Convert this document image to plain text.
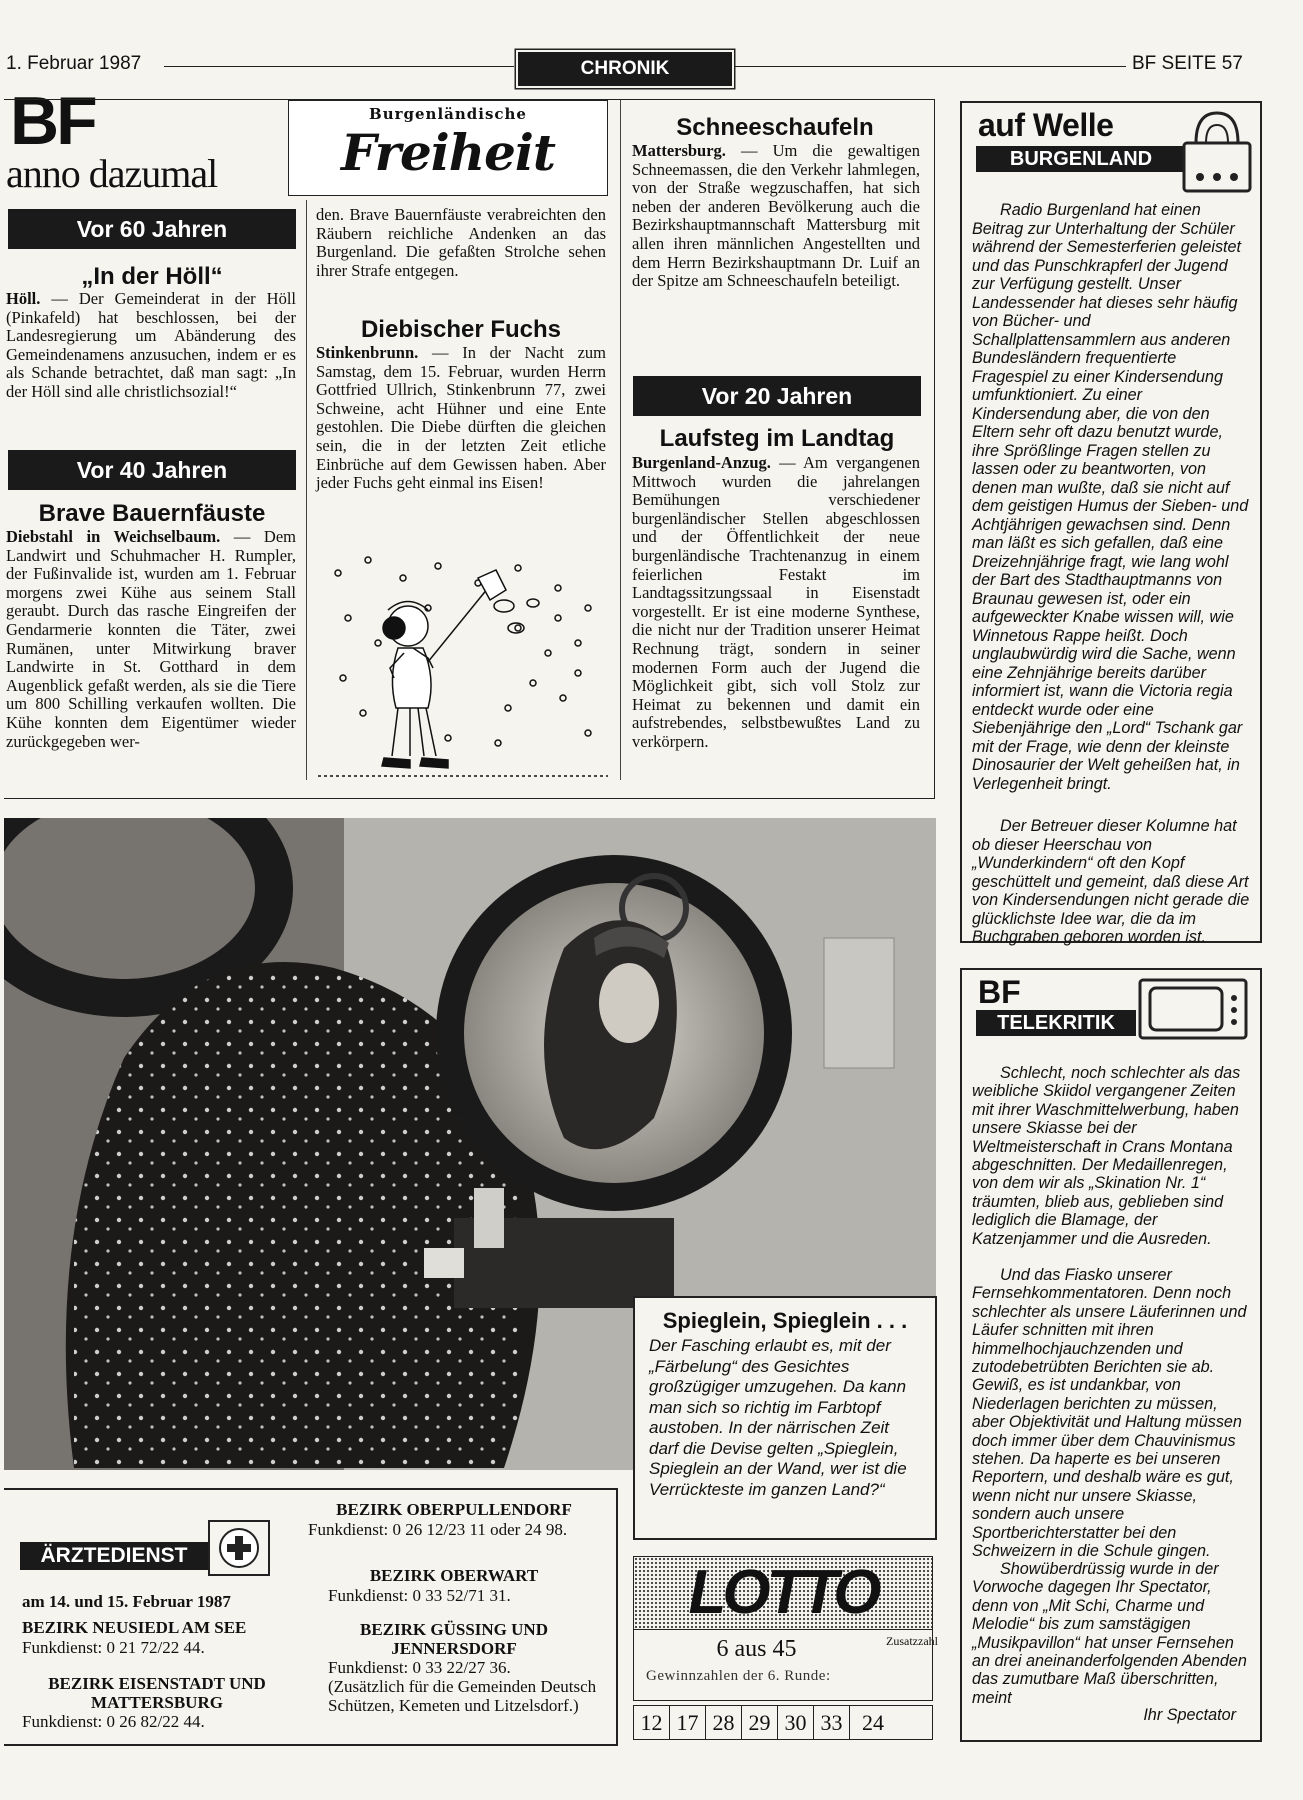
1. Februar 1987	CHRONIK	BF SEITE 57
BF
anno dazumal
Burgenländische
Freiheit
Vor 60 Jahren
„In der Höll“
Höll. — Der Gemeinderat in der Höll (Pinkafeld) hat beschlossen, bei der Landesregierung um Abänderung des Gemeindenamens anzusuchen, indem er es als Schande betrachtet, daß man sagt: „In der Höll sind alle christlichsozial!“
Vor 40 Jahren
Brave Bauernfäuste
Diebstahl in Weichselbaum. — Dem Landwirt und Schuhmacher H. Rumpler, der Fußinvalide ist, wurden am 1. Februar morgens zwei Kühe aus seinem Stall geraubt. Durch das rasche Eingreifen der Gendarmerie konnten die Täter, zwei Rumänen, unter Mitwirkung braver Landwirte in St. Gotthard in dem Augenblick gefaßt werden, als sie die Tiere um 800 Schilling verkaufen wollten. Die Kühe konnten dem Eigentümer wieder zurückgegeben wer-
den. Brave Bauernfäuste verabreichten den Räubern reichliche Andenken an das Burgenland. Die gefaßten Strolche sehen ihrer Strafe entgegen.
Diebischer Fuchs
Stinkenbrunn. — In der Nacht zum Samstag, dem 15. Februar, wurden Herrn Gottfried Ullrich, Stinkenbrunn 77, zwei Schweine, acht Hühner und eine Ente gestohlen. Die Diebe dürften die gleichen sein, die in der letzten Zeit etliche Einbrüche auf dem Gewissen haben. Aber jeder Fuchs geht einmal ins Eisen!
Schneeschaufeln
Mattersburg. — Um die gewaltigen Schneemassen, die den Verkehr lahmlegen, von der Straße wegzuschaffen, hat sich neben der anderen Bevölkerung auch die Bezirkshauptmannschaft Mattersburg mit allen ihren männlichen Angestellten und dem Herrn Bezirkshauptmann Dr. Luif an der Spitze am Schneeschaufeln beteiligt.
Vor 20 Jahren
Laufsteg im Landtag
Burgenland-Anzug. — Am vergangenen Mittwoch wurden die jahrelangen Bemühungen verschiedener burgenländischer Stellen abgeschlossen und der Öffentlichkeit der neue burgenländische Trachtenanzug in einem feierlichen Festakt im Landtagssitzungssaal in Eisenstadt vorgestellt. Er ist eine moderne Synthese, die nicht nur der Tradition unserer Heimat Rechnung trägt, sondern in seiner modernen Form auch der Jugend die Möglichkeit gibt, sich voll Stolz zur Heimat zu bekennen und damit ein aufstrebendes, selbstbewußtes Land zu verkörpern.
Spieglein, Spieglein . . .
Der Fasching erlaubt es, mit der „Färbelung“ des Gesichtes großzügiger umzugehen. Da kann man sich so richtig im Farbtopf austoben. In der närrischen Zeit darf die Devise gelten „Spieglein, Spieglein an der Wand, wer ist die Verrückteste im ganzen Land?“
ÄRZTEDIENST
am 14. und 15. Februar 1987
BEZIRK NEUSIEDL AM SEE
Funkdienst: 0 21 72/22 44.
BEZIRK EISENSTADT UND
MATTERSBURG
Funkdienst: 0 26 82/22 44.
BEZIRK OBERPULLENDORF
Funkdienst: 0 26 12/23 11 oder 24 98.
BEZIRK OBERWART
Funkdienst: 0 33 52/71 31.
BEZIRK GÜSSING UND
JENNERSDORF
Funkdienst: 0 33 22/27 36.
(Zusätzlich für die Gemeinden Deutsch Schützen, Kemeten und Litzelsdorf.)
LOTTO
6 aus 45
Gewinnzahlen der 6. Runde:
Zusatzzahl
12 17 28 29 30 33 24
auf Welle
BURGENLAND
Radio Burgenland hat einen Beitrag zur Unterhaltung der Schüler während der Semesterferien geleistet und das Punschkrapferl der Jugend zur Verfügung gestellt. Unser Landessender hat dieses sehr häufig von Bücher- und Schallplattensammlern aus anderen Bundesländern frequentierte Fragespiel zu einer Kindersendung umfunktioniert. Zu einer Kindersendung aber, die von den Eltern sehr oft dazu benutzt wurde, ihre Sprößlinge Fragen stellen zu lassen oder zu beantworten, von denen man wußte, daß sie nicht auf dem geistigen Humus der Sieben- und Achtjährigen gewachsen sind. Denn man läßt es sich gefallen, daß eine Dreizehnjährige fragt, wie lang wohl der Bart des Stadthauptmanns von Braunau gewesen ist, oder ein aufgeweckter Knabe wissen will, wie Winnetous Rappe heißt. Doch unglaubwürdig wird die Sache, wenn eine Zehnjährige bereits darüber informiert ist, wann die Victoria regia entdeckt wurde oder eine Siebenjährige den „Lord“ Tschank gar mit der Frage, wie denn der kleinste Dinosaurier der Welt geheißen hat, in Verlegenheit bringt.
Der Betreuer dieser Kolumne hat ob dieser Heerschau von „Wunderkindern“ oft den Kopf geschüttelt und gemeint, daß diese Art von Kindersendungen nicht gerade die glücklichste Idee war, die da im Buchgraben geboren worden ist.
BF
TELEKRITIK
Schlecht, noch schlechter als das weibliche Skiidol vergangener Zeiten mit ihrer Waschmittelwerbung, haben unsere Skiasse bei der Weltmeisterschaft in Crans Montana abgeschnitten. Der Medaillenregen, von dem wir als „Skination Nr. 1“ träumten, blieb aus, geblieben sind lediglich die Blamage, der Katzenjammer und die Ausreden.
Und das Fiasko unserer Fernsehkommentatoren. Denn noch schlechter als unsere Läuferinnen und Läufer schnitten mit ihren himmelhochjauchzenden und zutodebetrübten Berichten sie ab. Gewiß, es ist undankbar, von Niederlagen berichten zu müssen, aber Objektivität und Haltung müssen doch immer über dem Chauvinismus stehen. Da haperte es bei unseren Reportern, und deshalb wäre es gut, wenn nicht nur unsere Skiasse, sondern auch unsere Sportberichterstatter bei den Schweizern in die Schule gingen.
Showüberdrüssig wurde in der Vorwoche dagegen Ihr Spectator, denn von „Mit Schi, Charme und Melodie“ bis zum samstägigen „Musikpavillon“ hat unser Fernsehen an drei aneinanderfolgenden Abenden das zumutbare Maß überschritten, meint
Ihr Spectator
